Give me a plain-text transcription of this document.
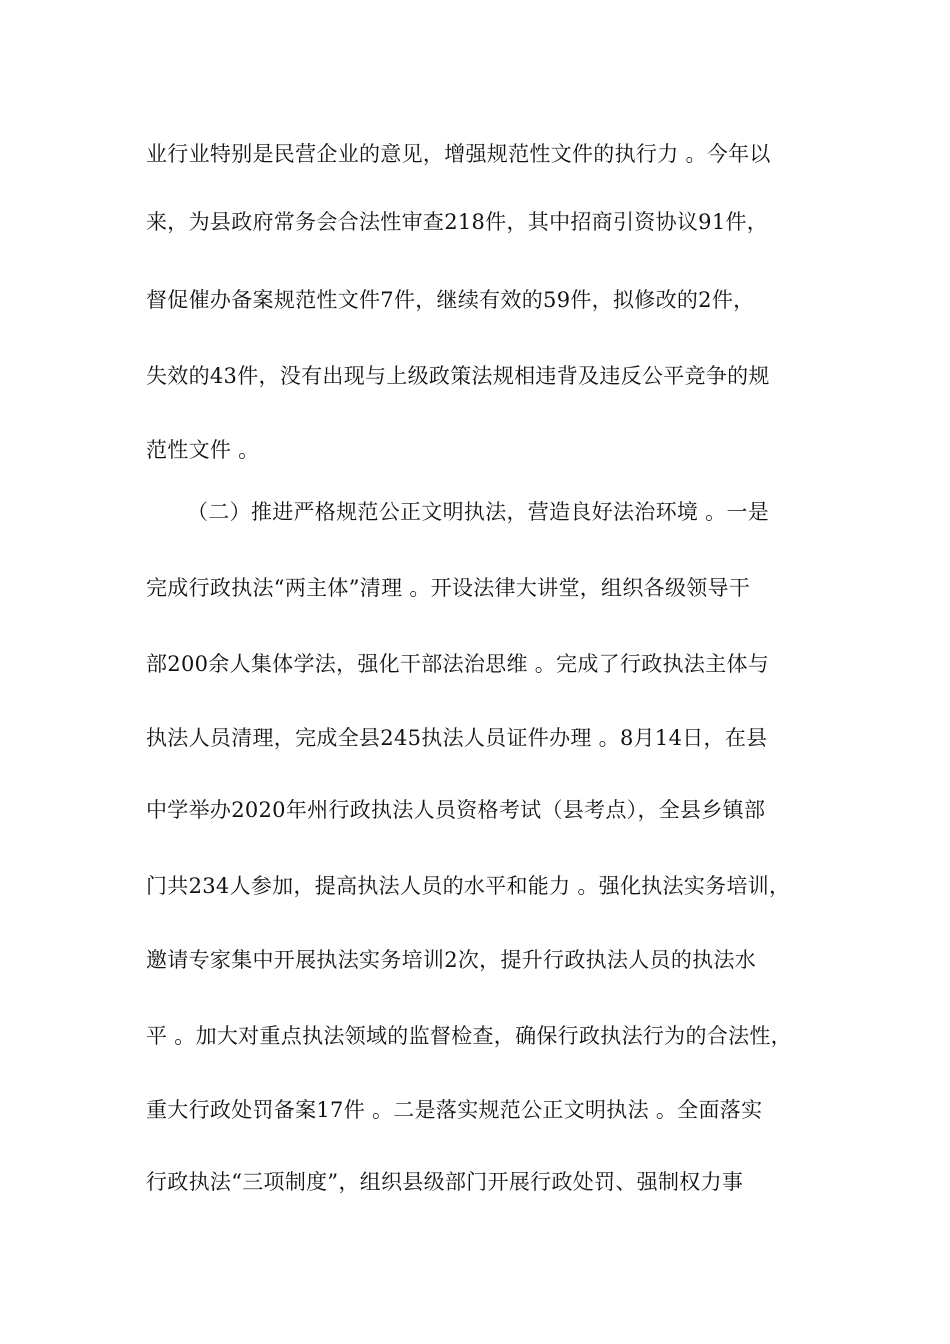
业行业特别是民营企业的意见，增强规范性文件的执行力 。今年以
来，为县政府常务会合法性审查218件，其中招商引资协议91件，
督促催办备案规范性文件7件，继续有效的59件，拟修改的2件，
失效的43件，没有出现与上级政策法规相违背及违反公平竞争的规
范性文件 。
（二）推进严格规范公正文明执法，营造良好法治环境 。一是
完成行政执法“两主体”清理 。开设法律大讲堂，组织各级领导干
部200余人集体学法，强化干部法治思维 。完成了行政执法主体与
执法人员清理，完成全县245执法人员证件办理 。8月14日，在县
中学举办2020年州行政执法人员资格考试（县考点），全县乡镇部
门共234人参加，提高执法人员的水平和能力 。强化执法实务培训，
邀请专家集中开展执法实务培训2次，提升行政执法人员的执法水
平 。加大对重点执法领域的监督检查，确保行政执法行为的合法性，
重大行政处罚备案17件 。二是落实规范公正文明执法 。全面落实
行政执法“三项制度”，组织县级部门开展行政处罚、强制权力事
